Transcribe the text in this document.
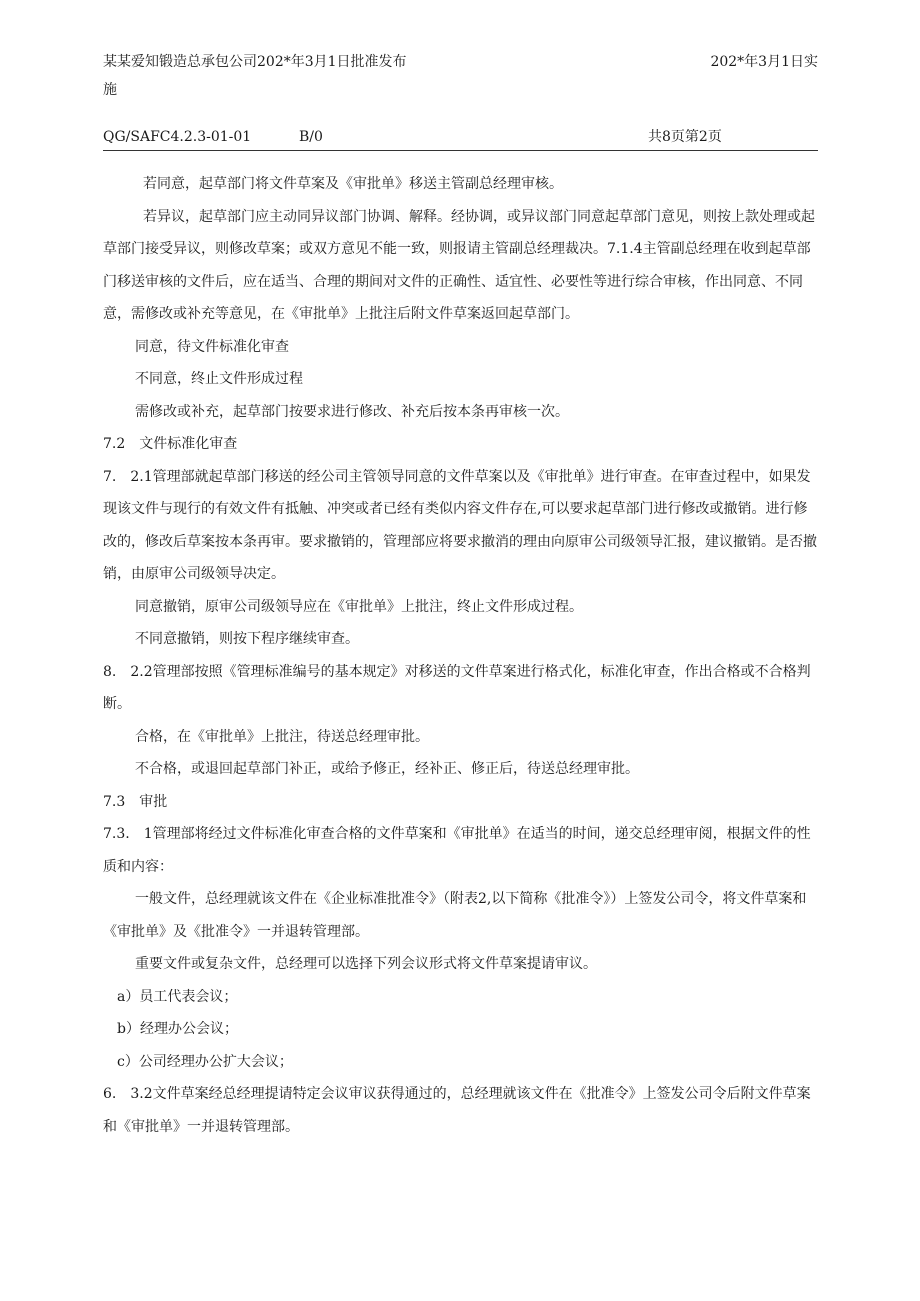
某某爱知锻造总承包公司202*年3月1日批准发布	202*年3月1日实
施
QG/SAFC4.2.3-01-01	B/0	共8页第2页

若同意，起草部门将文件草案及《审批单》移送主管副总经理审核。

若异议，起草部门应主动同异议部门协调、解释。经协调，或异议部门同意起草部门意见，则按上款处理或起草部门接受异议，则修改草案；或双方意见不能一致，则报请主管副总经理裁决。7.1.4主管副总经理在收到起草部门移送审核的文件后，应在适当、合理的期间对文件的正确性、适宜性、必要性等进行综合审核，作出同意、不同意，需修改或补充等意见，在《审批单》上批注后附文件草案返回起草部门。

同意，待文件标准化审查

不同意，终止文件形成过程

需修改或补充，起草部门按要求进行修改、补充后按本条再审核一次。

7.2　文件标准化审查

7.　2.1管理部就起草部门移送的经公司主管领导同意的文件草案以及《审批单》进行审查。在审查过程中，如果发现该文件与现行的有效文件有抵触、冲突或者已经有类似内容文件存在,可以要求起草部门进行修改或撤销。进行修改的，修改后草案按本条再审。要求撤销的，管理部应将要求撤消的理由向原审公司级领导汇报，建议撤销。是否撤销，由原审公司级领导决定。

同意撤销，原审公司级领导应在《审批单》上批注，终止文件形成过程。

不同意撤销，则按下程序继续审查。

8.　2.2管理部按照《管理标准编号的基本规定》对移送的文件草案进行格式化，标准化审查，作出合格或不合格判断。

合格，在《审批单》上批注，待送总经理审批。

不合格，或退回起草部门补正，或给予修正，经补正、修正后，待送总经理审批。

7.3　审批

7.3.　1管理部将经过文件标准化审查合格的文件草案和《审批单》在适当的时间，递交总经理审阅，根据文件的性质和内容：

一般文件，总经理就该文件在《企业标准批准令》（附表2,以下简称《批准令》）上签发公司令，将文件草案和《审批单》及《批准令》一并退转管理部。

重要文件或复杂文件，总经理可以选择下列会议形式将文件草案提请审议。

a）员工代表会议；

b）经理办公会议；

c）公司经理办公扩大会议；

6.　3.2文件草案经总经理提请特定会议审议获得通过的，总经理就该文件在《批准令》上签发公司令后附文件草案和《审批单》一并退转管理部。
